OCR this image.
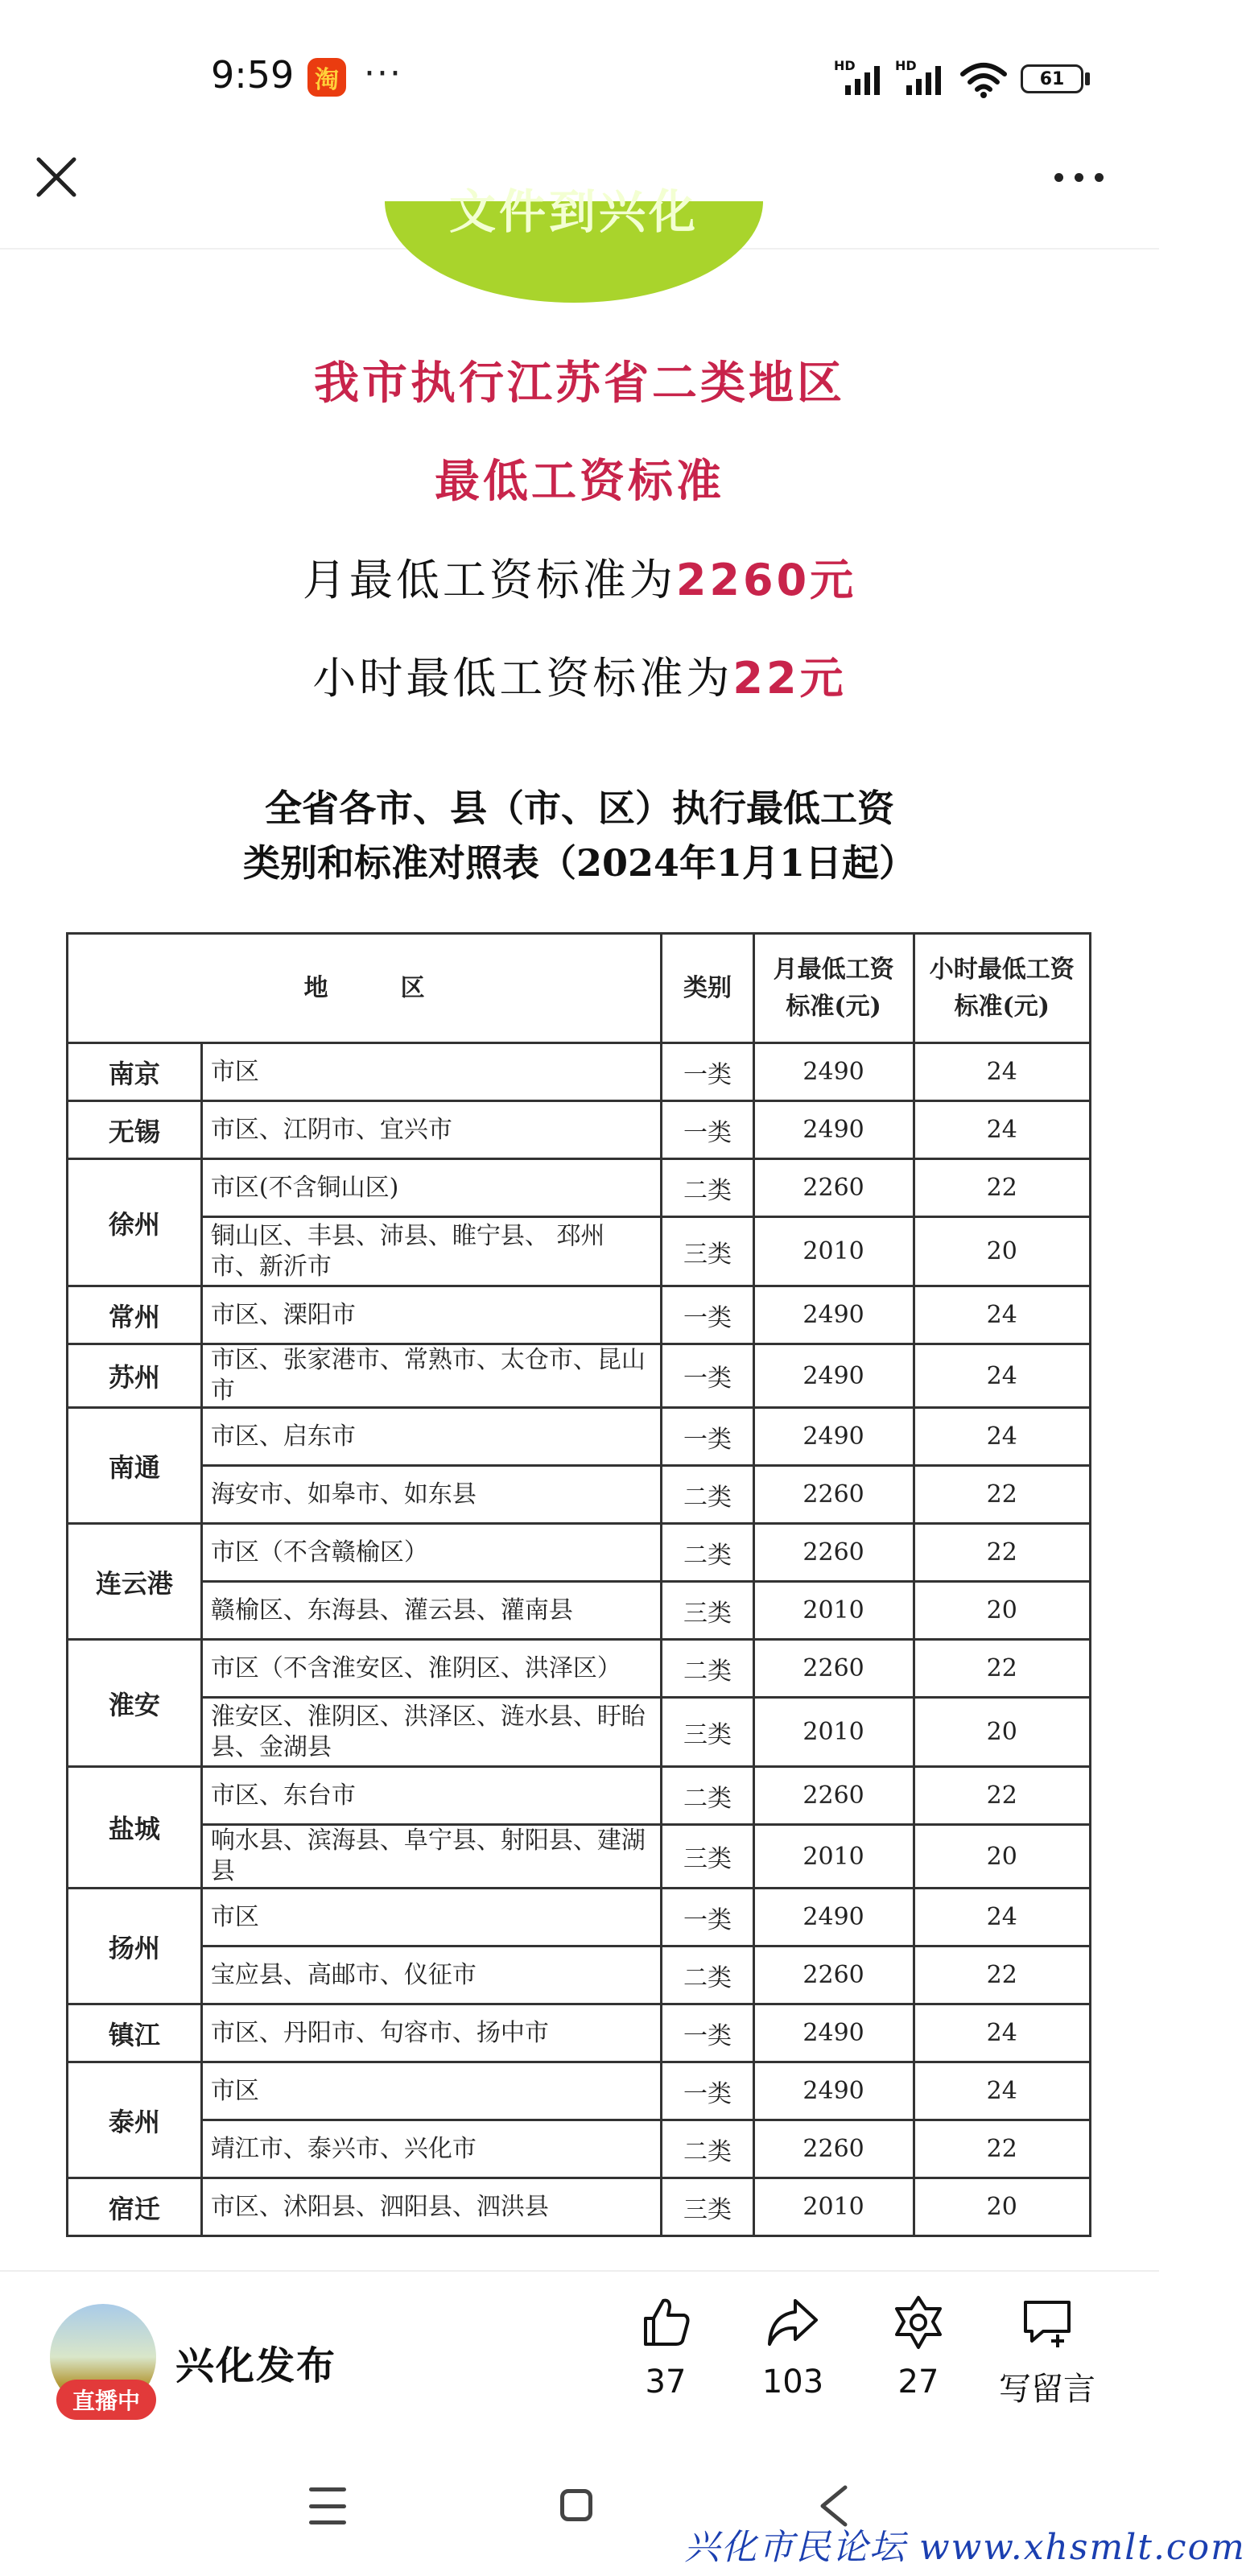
9:59 淘 ···	HD	HD
61
文件到兴化
我市执行江苏省二类地区
最低工资标准
月最低工资标准为2260元
小时最低工资标准为22元
全省各市、县（市、区）执行最低工资
类别和标准对照表（2024年1月1日起）
地　　　区		类别	月最低工资标准(元)	小时最低工资标准(元)
南京	市区	一类	2490	24
无锡	市区、江阴市、宜兴市	一类	2490	24
徐州	市区(不含铜山区)	二类	2260	22
	铜山区、丰县、沛县、睢宁县、 邳州市、新沂市	三类	2010	20
常州	市区、溧阳市	一类	2490	24
苏州	市区、张家港市、常熟市、太仓市、昆山市	一类	2490	24
南通	市区、启东市	一类	2490	24
	海安市、如皋市、如东县	二类	2260	22
连云港	市区（不含赣榆区）	二类	2260	22
	赣榆区、东海县、灌云县、灌南县	三类	2010	20
淮安	市区（不含淮安区、淮阴区、洪泽区）	二类	2260	22
	淮安区、淮阴区、洪泽区、涟水县、盱眙县、金湖县	三类	2010	20
盐城	市区、东台市	二类	2260	22
	响水县、滨海县、阜宁县、射阳县、建湖县	三类	2010	20
扬州	市区	一类	2490	24
	宝应县、高邮市、仪征市	二类	2260	22
镇江	市区、丹阳市、句容市、扬中市	一类	2490	24
泰州	市区	一类	2490	24
	靖江市、泰兴市、兴化市	二类	2260	22
宿迁	市区、沭阳县、泗阳县、泗洪县	三类	2010	20
直播中
兴化发布	37	103	27	写留言
兴化市民论坛 www.xhsmlt.com
